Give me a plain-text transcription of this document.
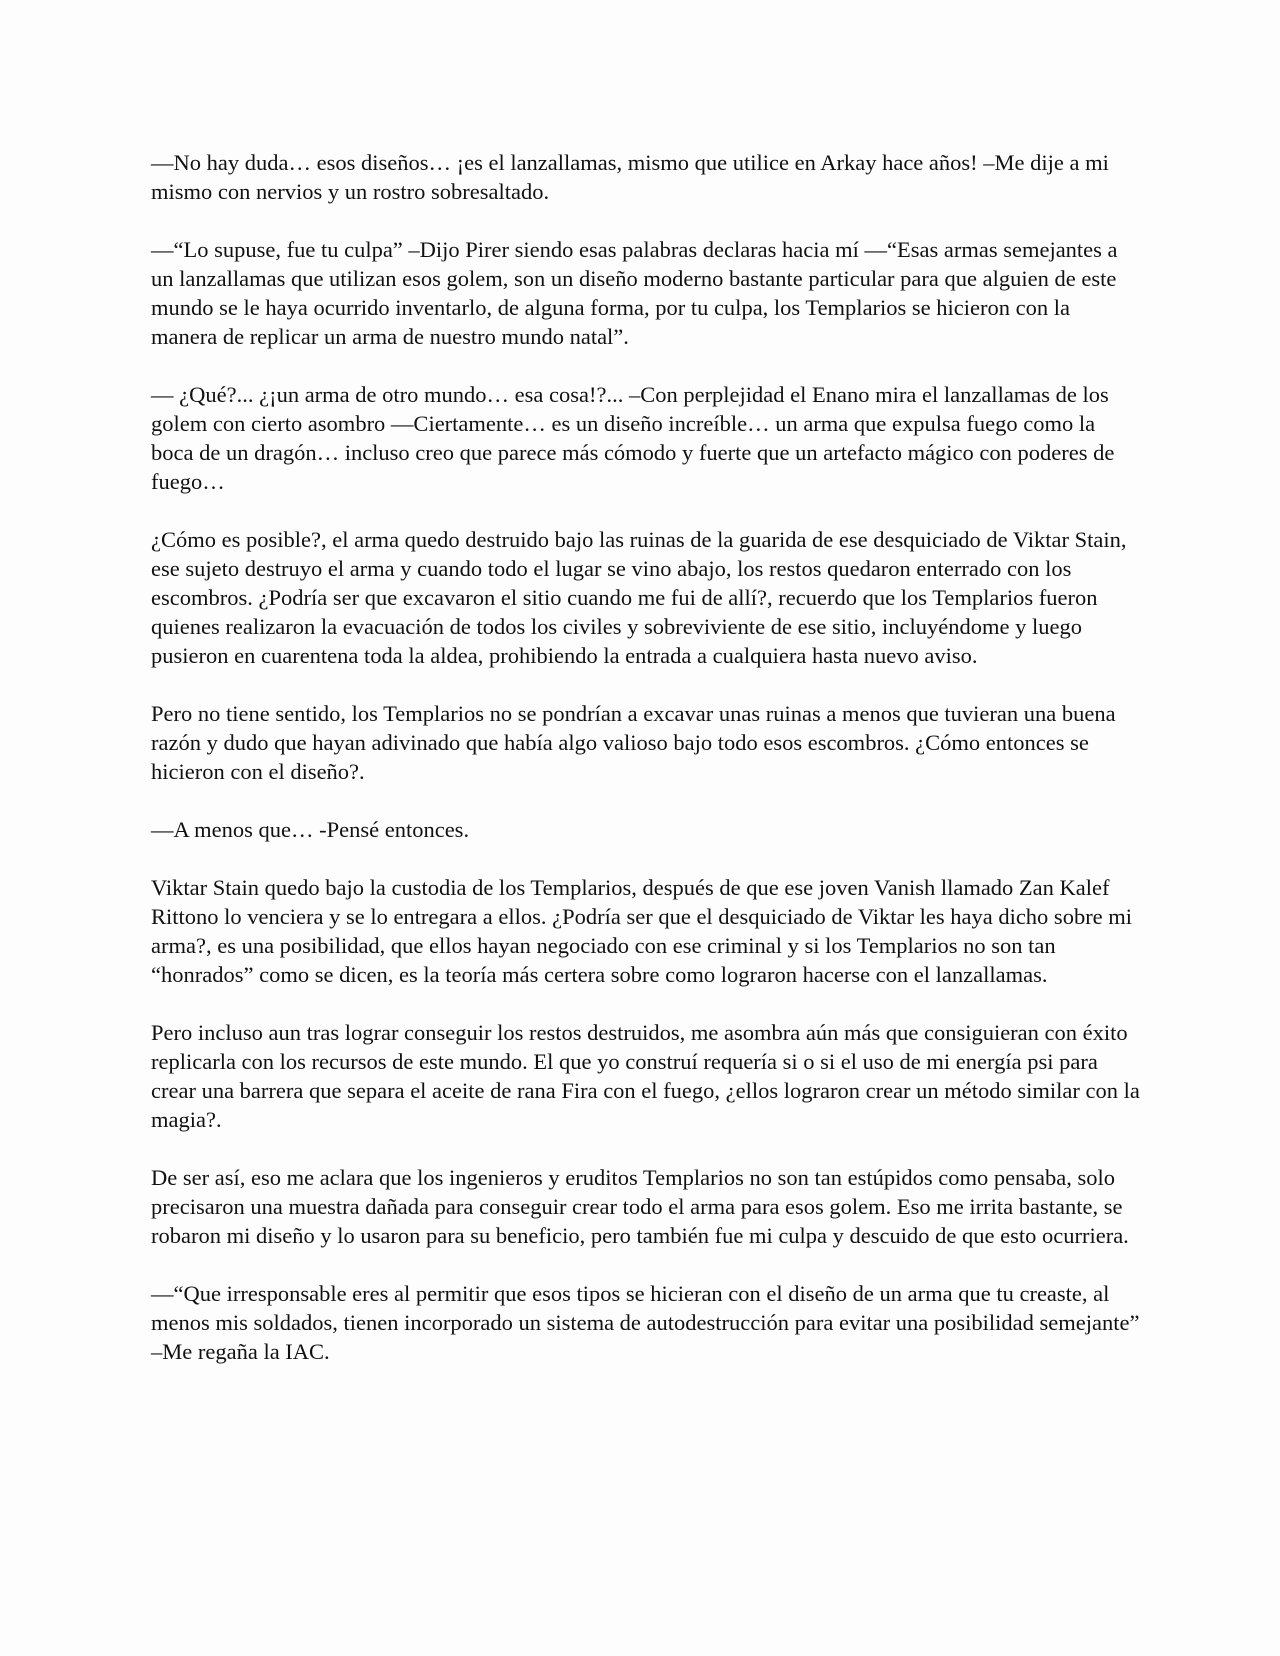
—No hay duda… esos diseños… ¡es el lanzallamas, mismo que utilice en Arkay hace años! –Me dije a mi mismo con nervios y un rostro sobresaltado.

—“Lo supuse, fue tu culpa” –Dijo Pirer siendo esas palabras declaras hacia mí —“Esas armas semejantes a un lanzallamas que utilizan esos golem, son un diseño moderno bastante particular para que alguien de este mundo se le haya ocurrido inventarlo, de alguna forma, por tu culpa, los Templarios se hicieron con la manera de replicar un arma de nuestro mundo natal”.

— ¿Qué?... ¿¡un arma de otro mundo… esa cosa!?... –Con perplejidad el Enano mira el lanzallamas de los golem con cierto asombro —Ciertamente… es un diseño increíble… un arma que expulsa fuego como la boca de un dragón… incluso creo que parece más cómodo y fuerte que un artefacto mágico con poderes de fuego…

¿Cómo es posible?, el arma quedo destruido bajo las ruinas de la guarida de ese desquiciado de Viktar Stain, ese sujeto destruyo el arma y cuando todo el lugar se vino abajo, los restos quedaron enterrado con los escombros. ¿Podría ser que excavaron el sitio cuando me fui de allí?, recuerdo que los Templarios fueron quienes realizaron la evacuación de todos los civiles y sobreviviente de ese sitio, incluyéndome y luego pusieron en cuarentena toda la aldea, prohibiendo la entrada a cualquiera hasta nuevo aviso.

Pero no tiene sentido, los Templarios no se pondrían a excavar unas ruinas a menos que tuvieran una buena razón y dudo que hayan adivinado que había algo valioso bajo todo esos escombros. ¿Cómo entonces se hicieron con el diseño?.

—A menos que… -Pensé entonces.

Viktar Stain quedo bajo la custodia de los Templarios, después de que ese joven Vanish llamado Zan Kalef Rittono lo venciera y se lo entregara a ellos. ¿Podría ser que el desquiciado de Viktar les haya dicho sobre mi arma?, es una posibilidad, que ellos hayan negociado con ese criminal y si los Templarios no son tan “honrados” como se dicen, es la teoría más certera sobre como lograron hacerse con el lanzallamas.

Pero incluso aun tras lograr conseguir los restos destruidos, me asombra aún más que consiguieran con éxito replicarla con los recursos de este mundo. El que yo construí requería si o si el uso de mi energía psi para crear una barrera que separa el aceite de rana Fira con el fuego, ¿ellos lograron crear un método similar con la magia?.

De ser así, eso me aclara que los ingenieros y eruditos Templarios no son tan estúpidos como pensaba, solo precisaron una muestra dañada para conseguir crear todo el arma para esos golem. Eso me irrita bastante, se robaron mi diseño y lo usaron para su beneficio, pero también fue mi culpa y descuido de que esto ocurriera.

—“Que irresponsable eres al permitir que esos tipos se hicieran con el diseño de un arma que tu creaste, al menos mis soldados, tienen incorporado un sistema de autodestrucción para evitar una posibilidad semejante” –Me regaña la IAC.
